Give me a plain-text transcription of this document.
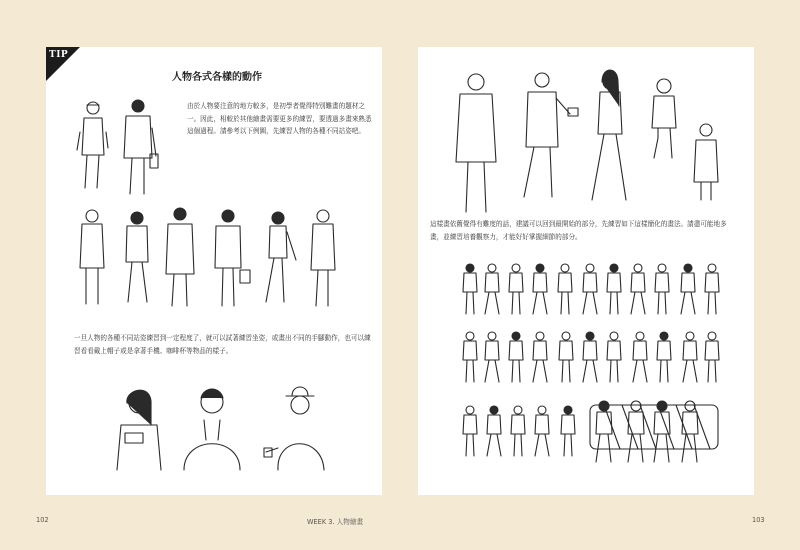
TIP
人物各式各樣的動作
由於人物要注意的地方較多，是初學者覺得特別難畫的題材之一。因此，相較於其他繪畫需要更多的練習，要透過多畫來熟悉這個過程。請參考以下例圖，先練習人物的各種不同站姿吧。
一旦人物的各種不同站姿練習到一定程度了，就可以試著練習坐姿，或畫出不同的手腳動作，也可以練習看看戴上帽子或是拿著手機、咖啡杯等物品的樣子。
這樣畫依舊覺得有難度的話，建議可以回到最開始的部分，先練習如下這樣簡化的畫法。請盡可能地多畫，並練習培養觀察力，才能好好掌握細節的部分。
102	WEEK 3. 人物繪畫	103
